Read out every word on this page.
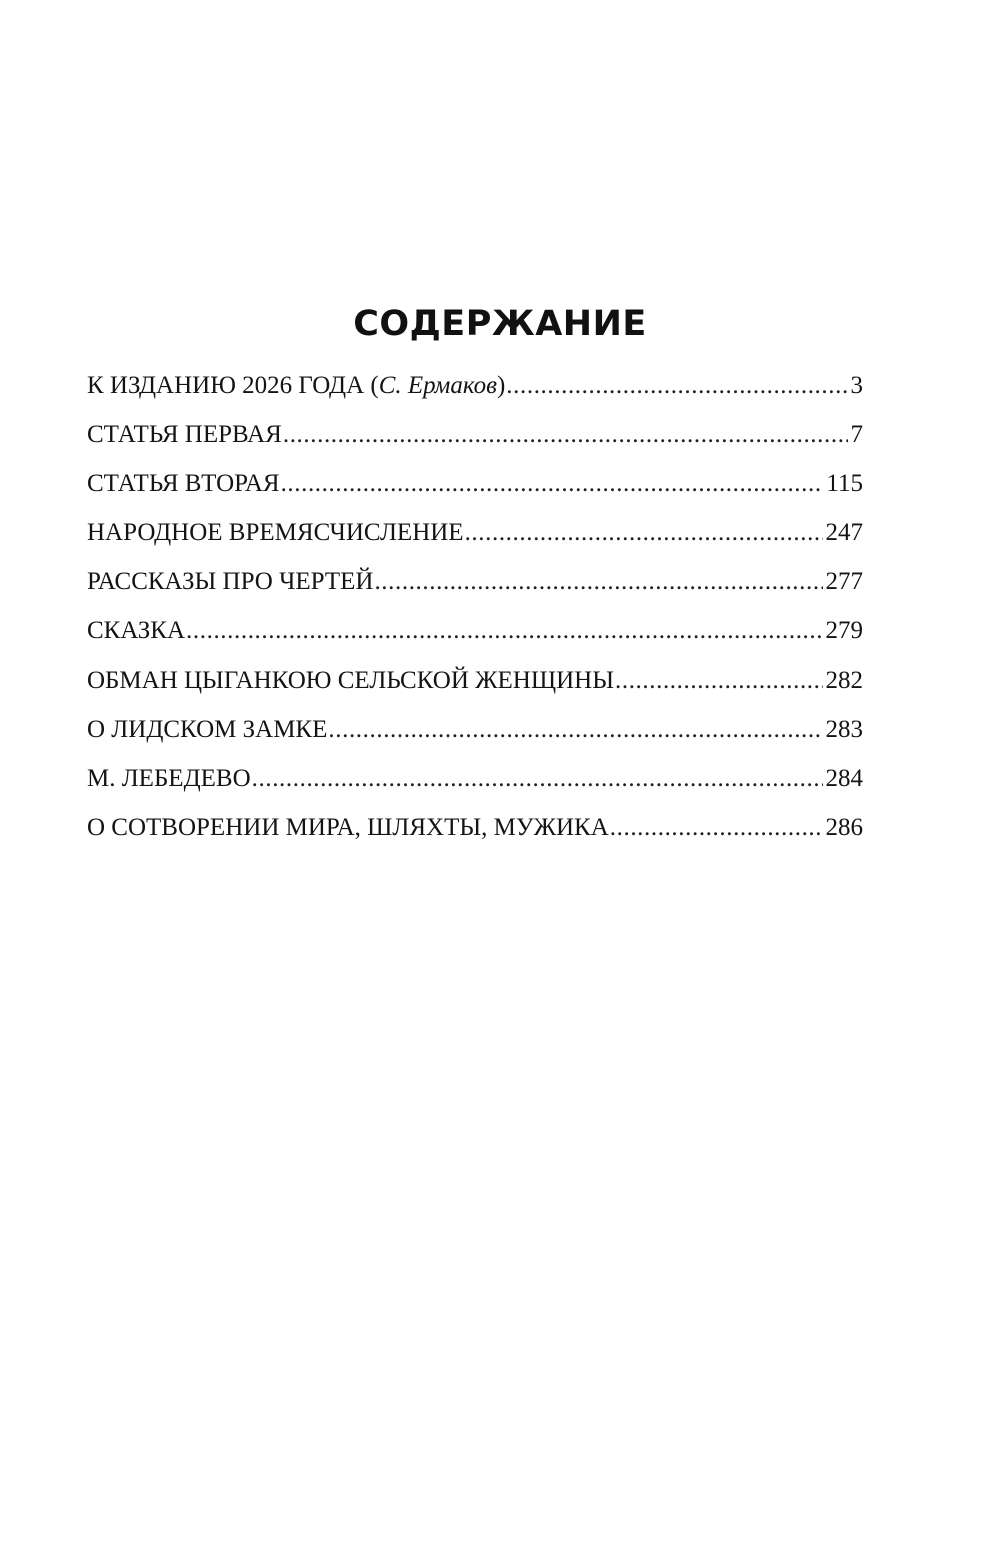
СОДЕРЖАНИЕ
К ИЗДАНИЮ 2026 ГОДА (С. Ермаков) .....	3
СТАТЬЯ ПЕРВАЯ .....	7
СТАТЬЯ ВТОРАЯ .....	115
НАРОДНОЕ ВРЕМЯСЧИСЛЕНИЕ .....	247
РАССКАЗЫ ПРО ЧЕРТЕЙ .....	277
СКАЗКА .....	279
ОБМАН ЦЫГАНКОЮ СЕЛЬСКОЙ ЖЕНЩИНЫ .....	282
О ЛИДСКОМ ЗАМКЕ .....	283
М. ЛЕБЕДЕВО .....	284
О СОТВОРЕНИИ МИРА, ШЛЯХТЫ, МУЖИКА .....	286
